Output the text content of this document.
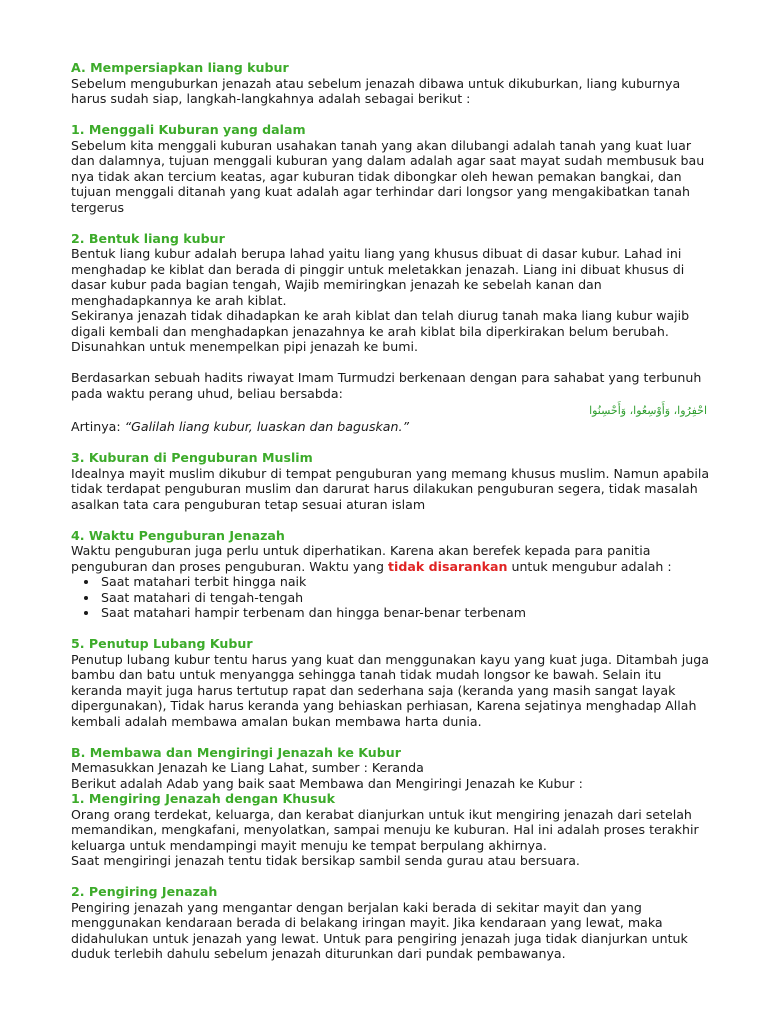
A. Mempersiapkan liang kubur

Sebelum menguburkan jenazah atau sebelum jenazah dibawa untuk dikuburkan, liang kuburnya harus sudah siap, langkah-langkahnya adalah sebagai berikut :

1. Menggali Kuburan yang dalam

Sebelum kita menggali kuburan usahakan tanah yang akan dilubangi adalah tanah yang kuat luar dan dalamnya, tujuan menggali kuburan yang dalam adalah agar saat mayat sudah membusuk bau nya tidak akan tercium keatas, agar kuburan tidak dibongkar oleh hewan pemakan bangkai, dan tujuan menggali ditanah yang kuat adalah agar terhindar dari longsor yang mengakibatkan tanah tergerus

2. Bentuk liang kubur

Bentuk liang kubur adalah berupa lahad yaitu liang yang khusus dibuat di dasar kubur. Lahad ini menghadap ke kiblat dan berada di pinggir untuk meletakkan jenazah. Liang ini dibuat khusus di dasar kubur pada bagian tengah, Wajib memiringkan jenazah ke sebelah kanan dan menghadapkannya ke arah kiblat.

Sekiranya jenazah tidak dihadapkan ke arah kiblat dan telah diurug tanah maka liang kubur wajib digali kembali dan menghadapkan jenazahnya ke arah kiblat bila diperkirakan belum berubah. Disunahkan untuk menempelkan pipi jenazah ke bumi.

Berdasarkan sebuah hadits riwayat Imam Turmudzi berkenaan dengan para sahabat yang terbunuh pada waktu perang uhud, beliau bersabda:

احْفِرُوا، وَأَوْسِعُوا، وَأَحْسِنُوا

Artinya: “Galilah liang kubur, luaskan dan baguskan.”

3. Kuburan di Penguburan Muslim

Idealnya mayit muslim dikubur di tempat penguburan yang memang khusus muslim. Namun apabila tidak terdapat penguburan muslim dan darurat harus dilakukan penguburan segera, tidak masalah asalkan tata cara penguburan tetap sesuai aturan islam

4. Waktu Penguburan Jenazah

Waktu penguburan juga perlu untuk diperhatikan. Karena akan berefek kepada para panitia penguburan dan proses penguburan. Waktu yang tidak disarankan untuk mengubur adalah :

Saat matahari terbit hingga naik
Saat matahari di tengah-tengah
Saat matahari hampir terbenam dan hingga benar-benar terbenam
5. Penutup Lubang Kubur

Penutup lubang kubur tentu harus yang kuat dan menggunakan kayu yang kuat juga. Ditambah juga bambu dan batu untuk menyangga sehingga tanah tidak mudah longsor ke bawah. Selain itu keranda mayit juga harus tertutup rapat dan sederhana saja (keranda yang masih sangat layak dipergunakan), Tidak harus keranda yang behiaskan perhiasan, Karena sejatinya menghadap Allah kembali adalah membawa amalan bukan membawa harta dunia.

B. Membawa dan Mengiringi Jenazah ke Kubur

Memasukkan Jenazah ke Liang Lahat, sumber : Keranda

Berikut adalah Adab yang baik saat Membawa dan Mengiringi Jenazah ke Kubur :

1. Mengiring Jenazah dengan Khusuk

Orang orang terdekat, keluarga, dan kerabat dianjurkan untuk ikut mengiring jenazah dari setelah memandikan, mengkafani, menyolatkan, sampai menuju ke kuburan. Hal ini adalah proses terakhir keluarga untuk mendampingi mayit menuju ke tempat berpulang akhirnya.

Saat mengiringi jenazah tentu tidak bersikap sambil senda gurau atau bersuara.

2. Pengiring Jenazah

Pengiring jenazah yang mengantar dengan berjalan kaki berada di sekitar mayit dan yang menggunakan kendaraan berada di belakang iringan mayit. Jika kendaraan yang lewat, maka didahulukan untuk jenazah yang lewat. Untuk para pengiring jenazah juga tidak dianjurkan untuk duduk terlebih dahulu sebelum jenazah diturunkan dari pundak pembawanya.
